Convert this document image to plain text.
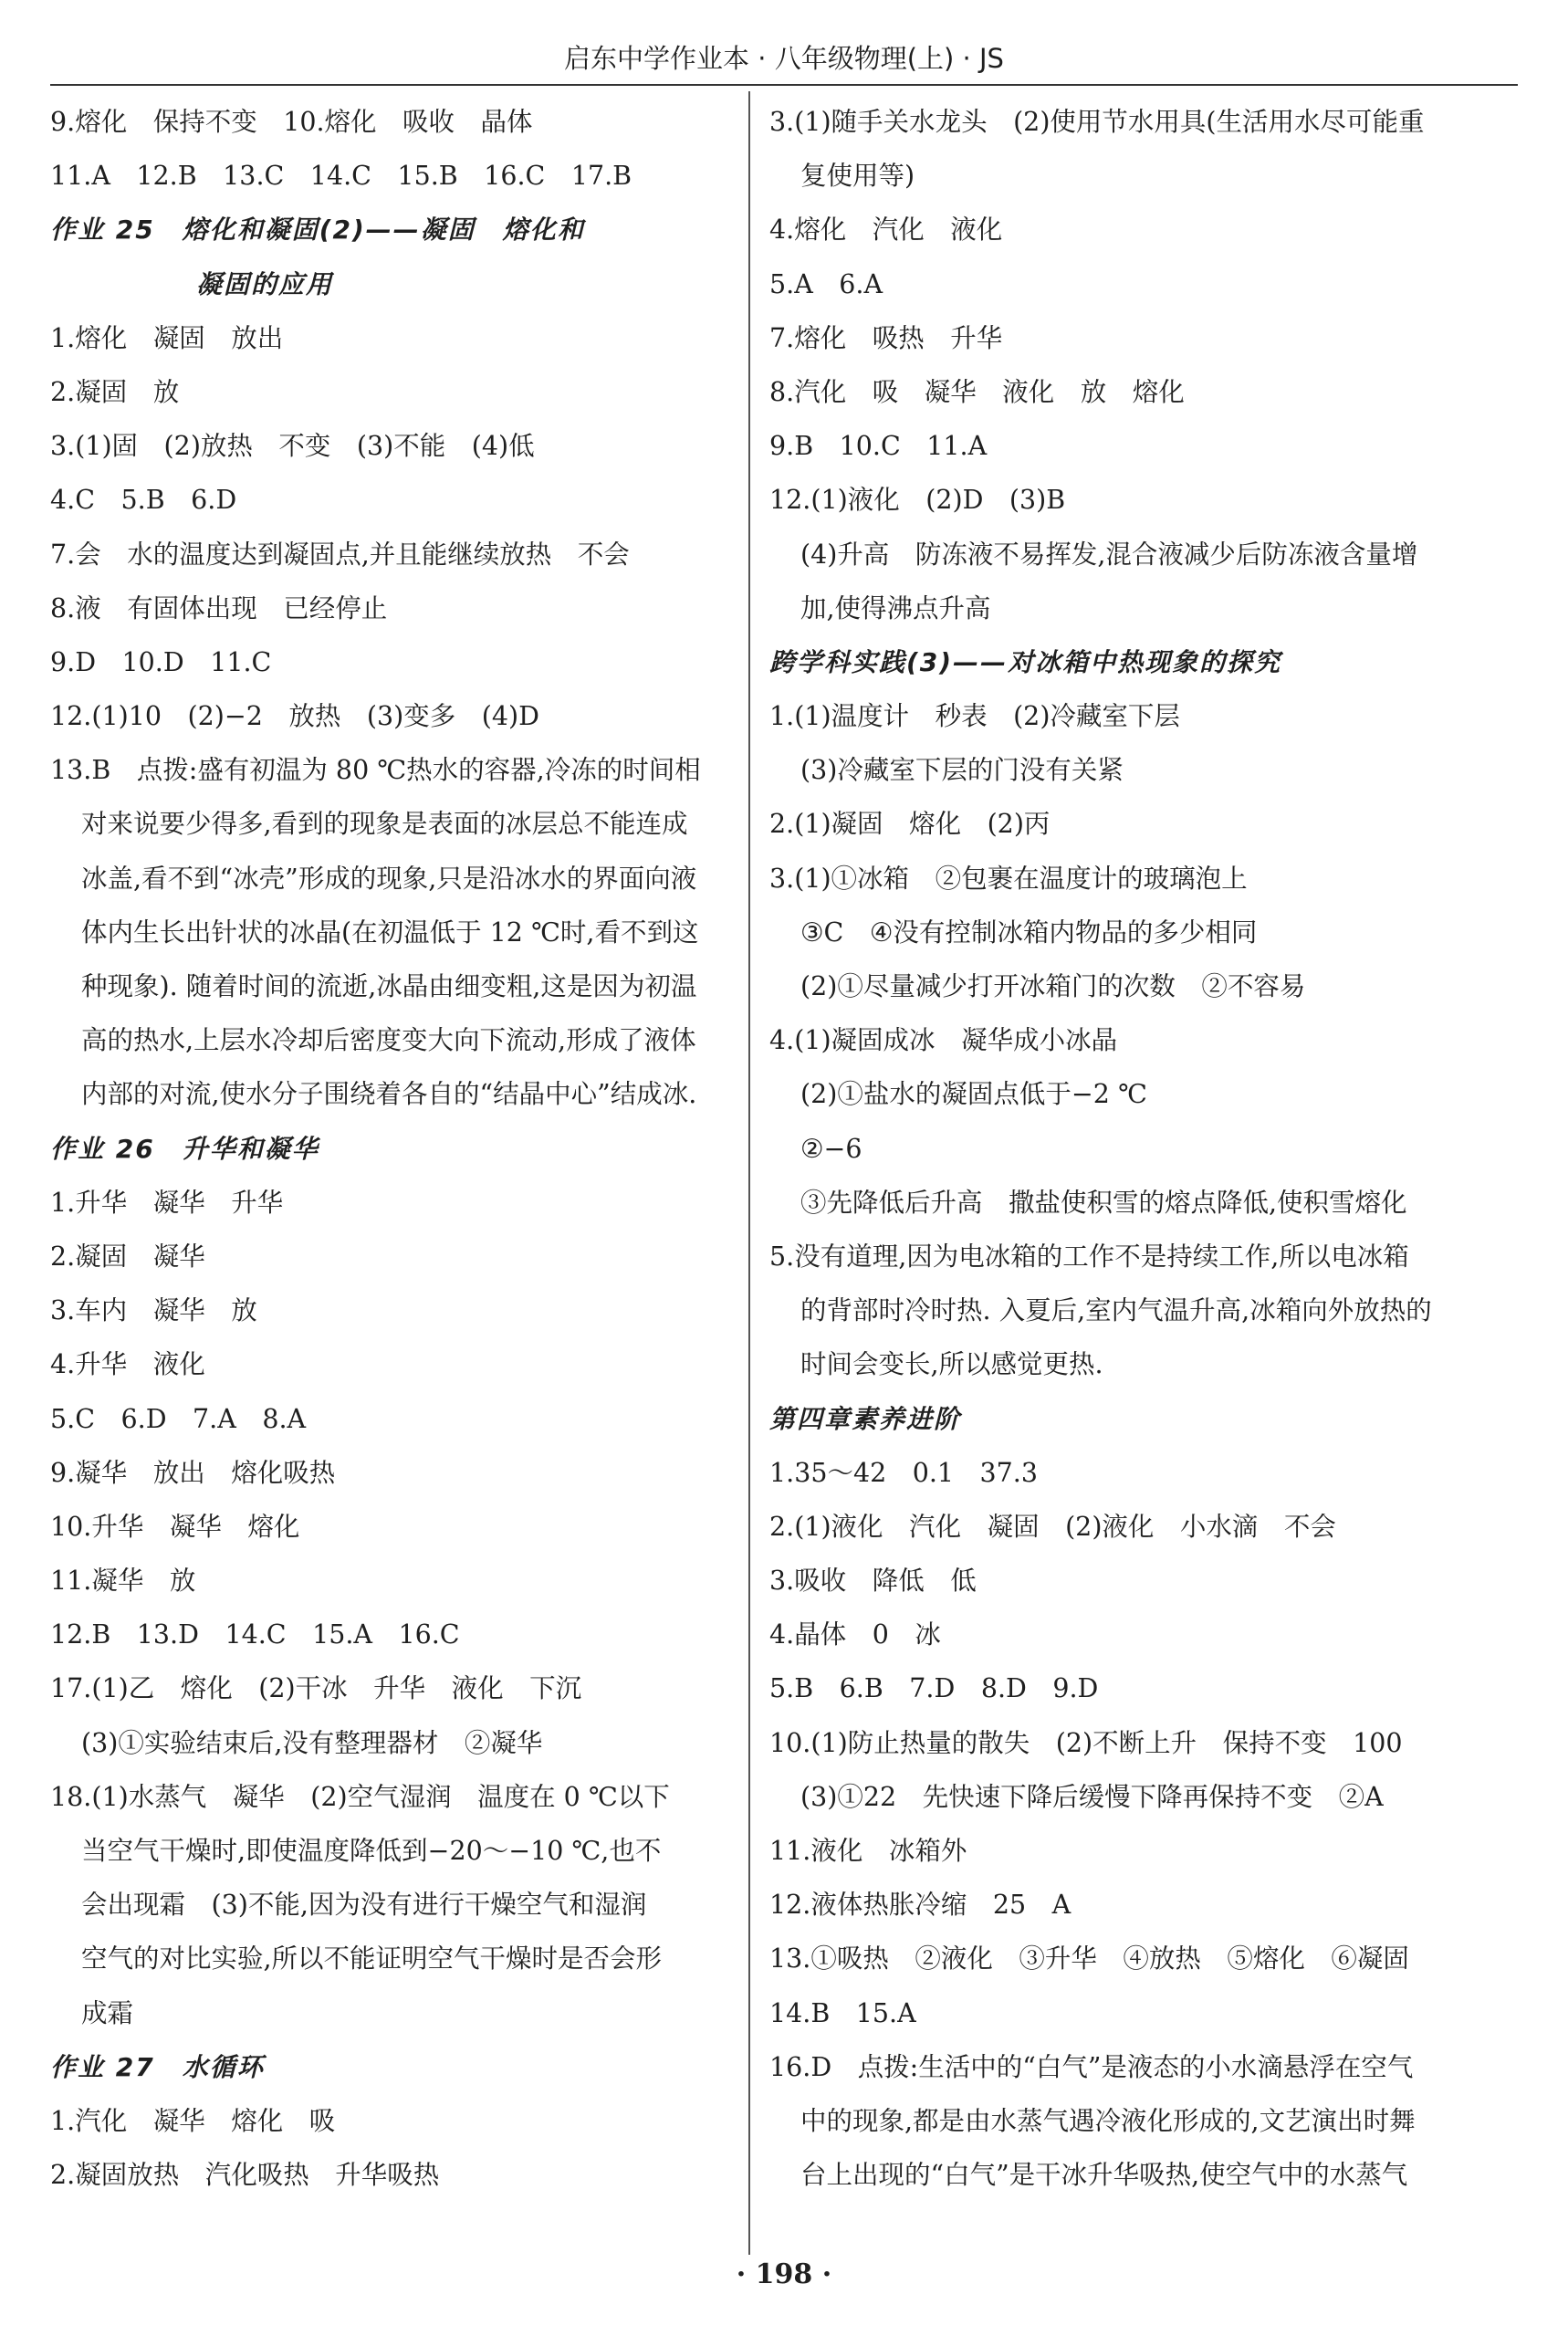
启东中学作业本 · 八年级物理(上) · JS
9.熔化　保持不变　10.熔化　吸收　晶体
11.A　12.B　13.C　14.C　15.B　16.C　17.B
作业 25　熔化和凝固(2)——凝固　熔化和
凝固的应用
1.熔化　凝固　放出
2.凝固　放
3.(1)固　(2)放热　不变　(3)不能　(4)低
4.C　5.B　6.D
7.会　水的温度达到凝固点,并且能继续放热　不会
8.液　有固体出现　已经停止
9.D　10.D　11.C
12.(1)10　(2)−2　放热　(3)变多　(4)D
13.B　点拨:盛有初温为 80 ℃热水的容器,冷冻的时间相
对来说要少得多,看到的现象是表面的冰层总不能连成
冰盖,看不到“冰壳”形成的现象,只是沿冰水的界面向液
体内生长出针状的冰晶(在初温低于 12 ℃时,看不到这
种现象). 随着时间的流逝,冰晶由细变粗,这是因为初温
高的热水,上层水冷却后密度变大向下流动,形成了液体
内部的对流,使水分子围绕着各自的“结晶中心”结成冰.
作业 26　升华和凝华
1.升华　凝华　升华
2.凝固　凝华
3.车内　凝华　放
4.升华　液化
5.C　6.D　7.A　8.A
9.凝华　放出　熔化吸热
10.升华　凝华　熔化
11.凝华　放
12.B　13.D　14.C　15.A　16.C
17.(1)乙　熔化　(2)干冰　升华　液化　下沉
(3)①实验结束后,没有整理器材　②凝华
18.(1)水蒸气　凝华　(2)空气湿润　温度在 0 ℃以下
当空气干燥时,即使温度降低到−20～−10 ℃,也不
会出现霜　(3)不能,因为没有进行干燥空气和湿润
空气的对比实验,所以不能证明空气干燥时是否会形
成霜
作业 27　水循环
1.汽化　凝华　熔化　吸
2.凝固放热　汽化吸热　升华吸热
3.(1)随手关水龙头　(2)使用节水用具(生活用水尽可能重
复使用等)
4.熔化　汽化　液化
5.A　6.A
7.熔化　吸热　升华
8.汽化　吸　凝华　液化　放　熔化
9.B　10.C　11.A
12.(1)液化　(2)D　(3)B
(4)升高　防冻液不易挥发,混合液减少后防冻液含量增
加,使得沸点升高
跨学科实践(3)——对冰箱中热现象的探究
1.(1)温度计　秒表　(2)冷藏室下层
(3)冷藏室下层的门没有关紧
2.(1)凝固　熔化　(2)丙
3.(1)①冰箱　②包裹在温度计的玻璃泡上
③C　④没有控制冰箱内物品的多少相同
(2)①尽量减少打开冰箱门的次数　②不容易
4.(1)凝固成冰　凝华成小冰晶
(2)①盐水的凝固点低于−2 ℃
②−6
③先降低后升高　撒盐使积雪的熔点降低,使积雪熔化
5.没有道理,因为电冰箱的工作不是持续工作,所以电冰箱
的背部时冷时热. 入夏后,室内气温升高,冰箱向外放热的
时间会变长,所以感觉更热.
第四章素养进阶
1.35～42　0.1　37.3
2.(1)液化　汽化　凝固　(2)液化　小水滴　不会
3.吸收　降低　低
4.晶体　0　冰
5.B　6.B　7.D　8.D　9.D
10.(1)防止热量的散失　(2)不断上升　保持不变　100
(3)①22　先快速下降后缓慢下降再保持不变　②A
11.液化　冰箱外
12.液体热胀冷缩　25　A
13.①吸热　②液化　③升华　④放热　⑤熔化　⑥凝固
14.B　15.A
16.D　点拨:生活中的“白气”是液态的小水滴悬浮在空气
中的现象,都是由水蒸气遇冷液化形成的,文艺演出时舞
台上出现的“白气”是干冰升华吸热,使空气中的水蒸气
· 198 ·
